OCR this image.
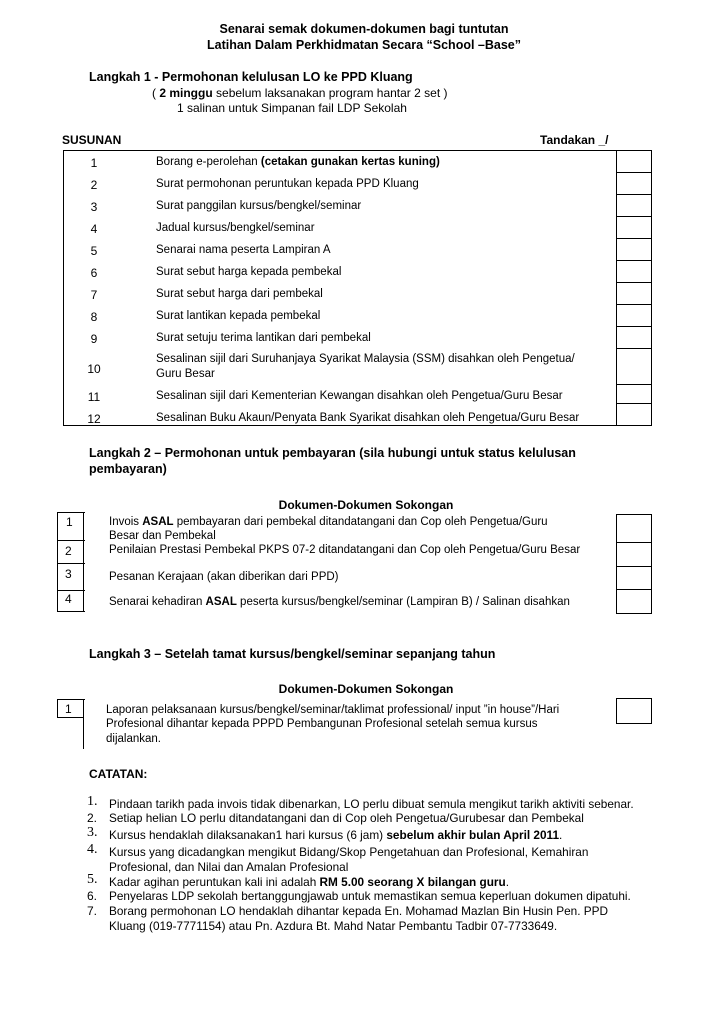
Senarai semak dokumen-dokumen bagi tuntutan
Latihan Dalam Perkhidmatan Secara “School –Base”
Langkah 1 - Permohonan kelulusan LO ke PPD Kluang
( 2 minggu sebelum laksanakan program hantar 2 set )
1 salinan untuk Simpanan fail LDP Sekolah
SUSUNAN	Tandakan _/
1
2
3
4
5
6
7
8
9
10
11
12
Borang e-perolehan (cetakan gunakan kertas kuning)
Surat permohonan peruntukan kepada PPD Kluang
Surat panggilan kursus/bengkel/seminar
Jadual kursus/bengkel/seminar
Senarai nama peserta Lampiran A
Surat sebut harga kepada pembekal
Surat sebut harga dari pembekal
Surat lantikan kepada pembekal
Surat setuju terima lantikan dari pembekal
Sesalinan sijil dari Suruhanjaya Syarikat Malaysia (SSM) disahkan oleh Pengetua/
Guru Besar
Sesalinan sijil dari Kementerian Kewangan disahkan oleh Pengetua/Guru Besar
Sesalinan Buku Akaun/Penyata Bank Syarikat disahkan oleh Pengetua/Guru Besar
Langkah 2 – Permohonan untuk pembayaran (sila hubungi untuk status kelulusan
pembayaran)
Dokumen-Dokumen Sokongan
1
2
3
4
Invois ASAL pembayaran dari pembekal ditandatangani dan Cop oleh Pengetua/Guru
Besar dan Pembekal
Penilaian Prestasi Pembekal PKPS 07-2 ditandatangani dan Cop oleh Pengetua/Guru Besar
Pesanan Kerajaan (akan diberikan dari PPD)
Senarai kehadiran ASAL peserta kursus/bengkel/seminar (Lampiran B) / Salinan disahkan
Langkah 3 – Setelah tamat kursus/bengkel/seminar sepanjang tahun
Dokumen-Dokumen Sokongan
1	Laporan pelaksanaan kursus/bengkel/seminar/taklimat professional/ input ”in house”/Hari
Profesional dihantar kepada PPPD Pembangunan Profesional setelah semua kursus
dijalankan.
CATATAN:
1. Pindaan tarikh pada invois tidak dibenarkan, LO perlu dibuat semula mengikut tarikh aktiviti sebenar.
2. Setiap helian LO perlu ditandatangani dan di Cop oleh Pengetua/Gurubesar dan Pembekal
3. Kursus hendaklah dilaksanakan1 hari kursus (6 jam) sebelum akhir bulan April 2011.
4. Kursus yang dicadangkan mengikut Bidang/Skop Pengetahuan dan Profesional, Kemahiran
Profesional, dan Nilai dan Amalan Profesional
5. Kadar agihan peruntukan kali ini adalah RM 5.00 seorang X bilangan guru.
6. Penyelaras LDP sekolah bertanggungjawab untuk memastikan semua keperluan dokumen dipatuhi.
7. Borang permohonan LO hendaklah dihantar kepada En. Mohamad Mazlan Bin Husin Pen. PPD
Kluang (019-7771154) atau Pn. Azdura Bt. Mahd Natar Pembantu Tadbir 07-7733649.
